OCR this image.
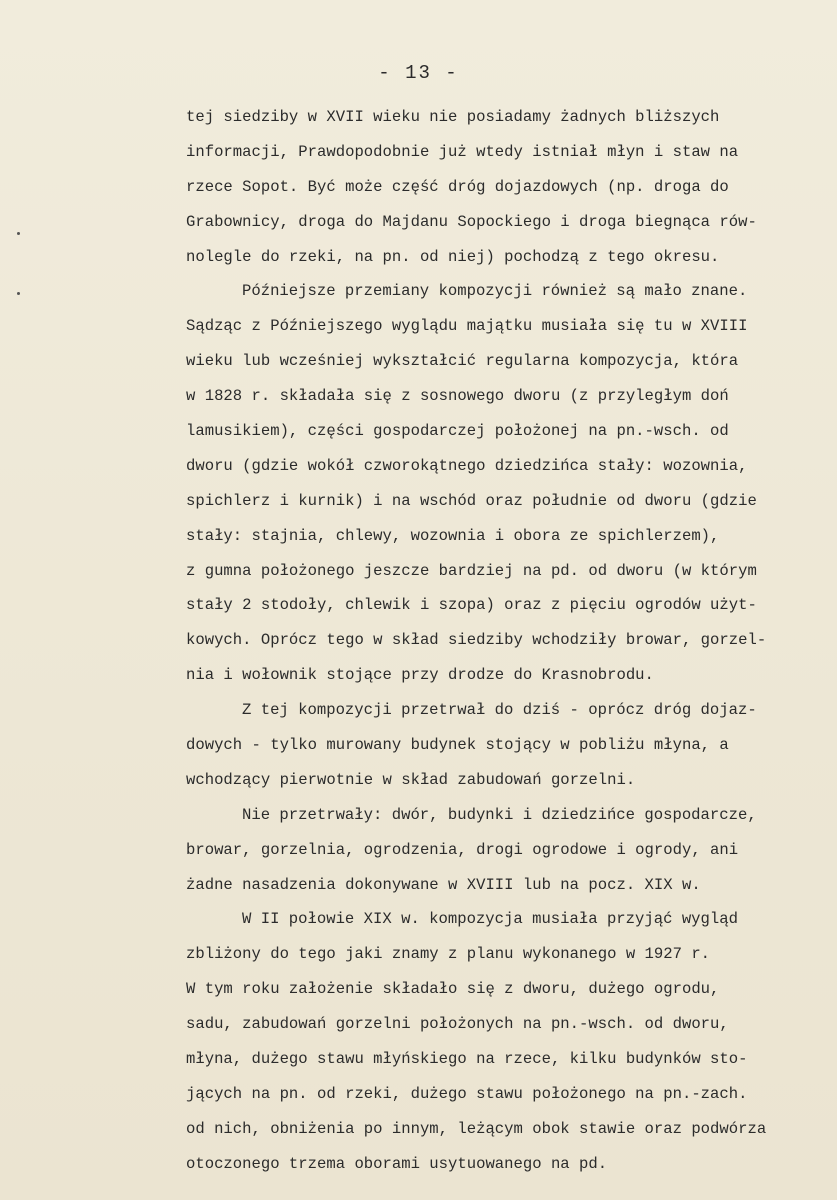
- 13 -
tej siedziby w XVII wieku nie posiadamy żadnych bliższych
informacji, Prawdopodobnie już wtedy istniał młyn i staw na
rzece Sopot. Być może część dróg dojazdowych (np. droga do
Grabownicy, droga do Majdanu Sopockiego i droga biegnąca rów-
nolegle do rzeki, na pn. od niej) pochodzą z tego okresu.
Późniejsze przemiany kompozycji również są mało znane.
Sądząc z Późniejszego wyglądu majątku musiała się tu w XVIII
wieku lub wcześniej wykształcić regularna kompozycja, która
w 1828 r. składała się z sosnowego dworu (z przyległym doń
lamusikiem), części gospodarczej położonej na pn.-wsch. od
dworu (gdzie wokół czworokątnego dziedzińca stały: wozownia,
spichlerz i kurnik) i na wschód oraz południe od dworu (gdzie
stały: stajnia, chlewy, wozownia i obora ze spichlerzem),
z gumna położonego jeszcze bardziej na pd. od dworu (w którym
stały 2 stodoły, chlewik i szopa) oraz z pięciu ogrodów użyt-
kowych. Oprócz tego w skład siedziby wchodziły browar, gorzel-
nia i wołownik stojące przy drodze do Krasnobrodu.
Z tej kompozycji przetrwał do dziś - oprócz dróg dojaz-
dowych - tylko murowany budynek stojący w pobliżu młyna, a
wchodzący pierwotnie w skład zabudowań gorzelni.
Nie przetrwały: dwór, budynki i dziedzińce gospodarcze,
browar, gorzelnia, ogrodzenia, drogi ogrodowe i ogrody, ani
żadne nasadzenia dokonywane w XVIII lub na pocz. XIX w.
W II połowie XIX w. kompozycja musiała przyjąć wygląd
zbliżony do tego jaki znamy z planu wykonanego w 1927 r.
W tym roku założenie składało się z dworu, dużego ogrodu,
sadu, zabudowań gorzelni położonych na pn.-wsch. od dworu,
młyna, dużego stawu młyńskiego na rzece, kilku budynków sto-
jących na pn. od rzeki, dużego stawu położonego na pn.-zach.
od nich, obniżenia po innym, leżącym obok stawie oraz podwórza
otoczonego trzema oborami usytuowanego na pd.
